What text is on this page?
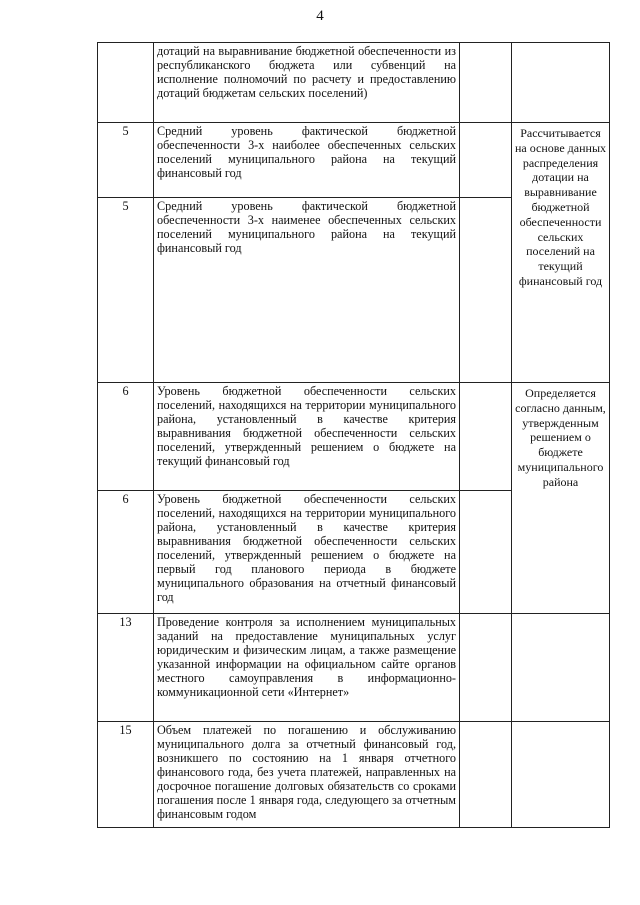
4
	дотаций на выравнивание бюджетной обеспеченности из республиканского бюджета или субвенций на исполнение полномочий по расчету и предоставлению дотаций бюджетам сельских поселений)		
5	Средний уровень фактической бюджетной обеспеченности 3-х наиболее обеспеченных сельских поселений муниципального района на текущий финансовый год		Рассчитывается на основе данных распределения дотации на выравнивание бюджетной обеспеченности сельских поселений на текущий финансовый год
5	Средний уровень фактической бюджетной обеспеченности 3-х наименее обеспеченных сельских поселений муниципального района на текущий финансовый год		
6	Уровень бюджетной обеспеченности сельских поселений, находящихся на территории муниципального района, установленный в качестве критерия выравнивания бюджетной обеспеченности сельских поселений, утвержденный решением о бюджете на текущий финансовый год		Определяется согласно данным, утвержденным решением о бюджете муниципального района
6	Уровень бюджетной обеспеченности сельских поселений, находящихся на территории муниципального района, установленный в качестве критерия выравнивания бюджетной обеспеченности сельских поселений, утвержденный решением о бюджете на первый год планового периода в бюджете муниципального образования на отчетный финансовый год		
13	Проведение контроля за исполнением муниципальных заданий на предоставление муниципальных услуг юридическим и физическим лицам, а также размещение указанной информации на официальном сайте органов местного самоуправления в информационно-коммуникационной сети «Интернет»		
15	Объем платежей по погашению и обслуживанию муниципального долга за отчетный финансовый год, возникшего по состоянию на 1 января отчетного финансового года, без учета платежей, направленных на досрочное погашение долговых обязательств со сроками погашения после 1 января года, следующего за отчетным финансовым годом		
